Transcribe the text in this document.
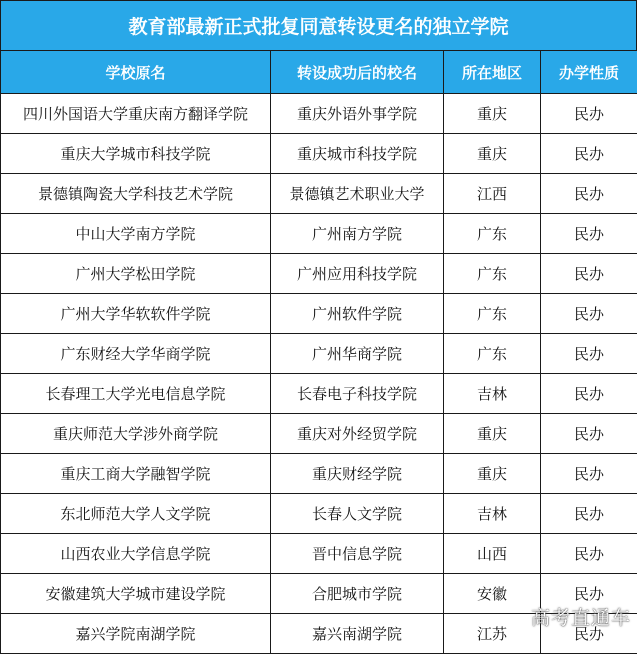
教育部最新正式批复同意转设更名的独立学院
学校原名	转设成功后的校名	所在地区	办学性质
四川外国语大学重庆南方翻译学院	重庆外语外事学院	重庆	民办
重庆大学城市科技学院	重庆城市科技学院	重庆	民办
景德镇陶瓷大学科技艺术学院	景德镇艺术职业大学	江西	民办
中山大学南方学院	广州南方学院	广东	民办
广州大学松田学院	广州应用科技学院	广东	民办
广州大学华软软件学院	广州软件学院	广东	民办
广东财经大学华商学院	广州华商学院	广东	民办
长春理工大学光电信息学院	长春电子科技学院	吉林	民办
重庆师范大学涉外商学院	重庆对外经贸学院	重庆	民办
重庆工商大学融智学院	重庆财经学院	重庆	民办
东北师范大学人文学院	长春人文学院	吉林	民办
山西农业大学信息学院	晋中信息学院	山西	民办
安徽建筑大学城市建设学院	合肥城市学院	安徽	民办
嘉兴学院南湖学院	嘉兴南湖学院	江苏	民办
高考直通车
